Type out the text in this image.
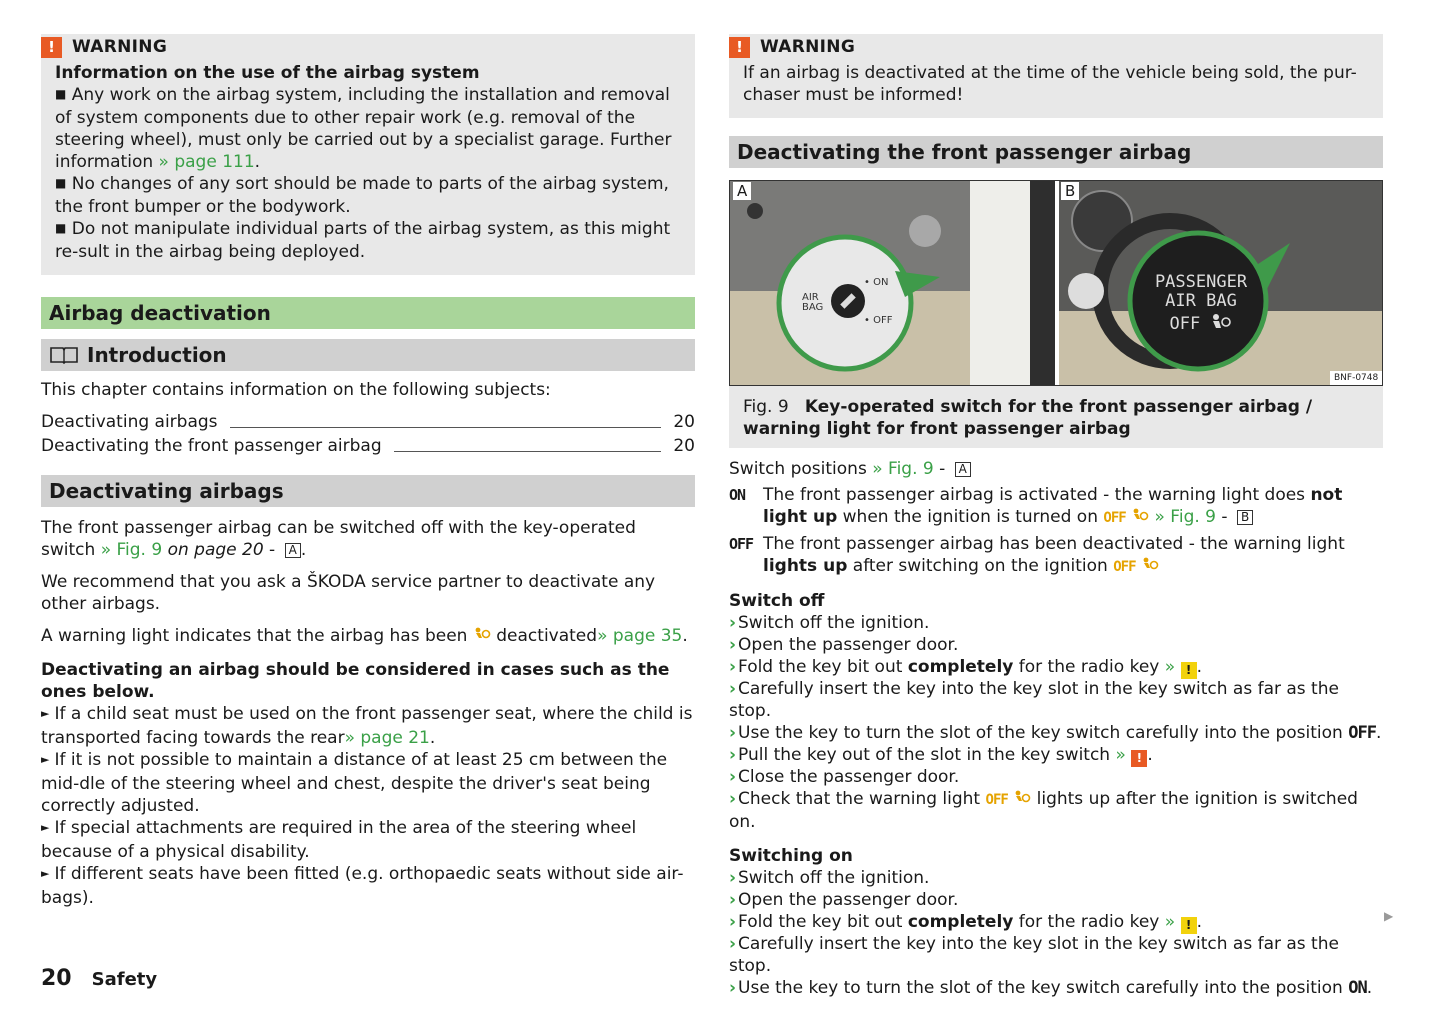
!	WARNING

Information on the use of the airbag system

■ Any work on the airbag system, including the installation and removal of system components due to other repair work (e.g. removal of the steering wheel), must only be carried out by a specialist garage. Further information » page 111.

■ No changes of any sort should be made to parts of the airbag system, the front bumper or the bodywork.

■ Do not manipulate individual parts of the airbag system, as this might re-sult in the airbag being deployed.

Airbag deactivation
Introduction

This chapter contains information on the following subjects:

Deactivating airbags	20
Deactivating the front passenger airbag	20
Deactivating airbags

The front passenger airbag can be switched off with the key-operated switch » Fig. 9 on page 20 - A .

We recommend that you ask a ŠKODA service partner to deactivate any other airbags.

A warning light indicates that the airbag has been deactivated» page 35.

Deactivating an airbag should be considered in cases such as the ones below.

► If a child seat must be used on the front passenger seat, where the child is transported facing towards the rear» page 21.

► If it is not possible to maintain a distance of at least 25 cm between the mid-dle of the steering wheel and chest, despite the driver's seat being correctly adjusted.

► If special attachments are required in the area of the steering wheel because of a physical disability.

► If different seats have been fitted (e.g. orthopaedic seats without side air-bags).

!	WARNING

If an airbag is deactivated at the time of the vehicle being sold, the pur-chaser must be informed!

Deactivating the front passenger airbag
A	B
AIR BAG
• ON
• OFF
PASSENGER
AIR BAG
OFF
BNF-0748
Fig. 9 Key-operated switch for the front passenger airbag / warning light for front passenger airbag

Switch positions » Fig. 9 - A

ON	The front passenger airbag is activated - the warning light does not light up when the ignition is turned on OFF » Fig. 9 - B
OFF The front passenger airbag has been deactivated - the warning light lights up after switching on the ignition OFF

Switch off

› Switch off the ignition.

› Open the passenger door.

› Fold the key bit out completely for the radio key » ! .

› Carefully insert the key into the key slot in the key switch as far as the stop.

› Use the key to turn the slot of the key switch carefully into the position OFF.

› Pull the key out of the slot in the key switch » ! .

› Close the passenger door.

› Check that the warning light OFF lights up after the ignition is switched on.

Switching on

› Switch off the ignition.

› Open the passenger door.

› Fold the key bit out completely for the radio key » ! .

› Carefully insert the key into the key slot in the key switch as far as the stop.

› Use the key to turn the slot of the key switch carefully into the position ON.

▶
20 Safety
